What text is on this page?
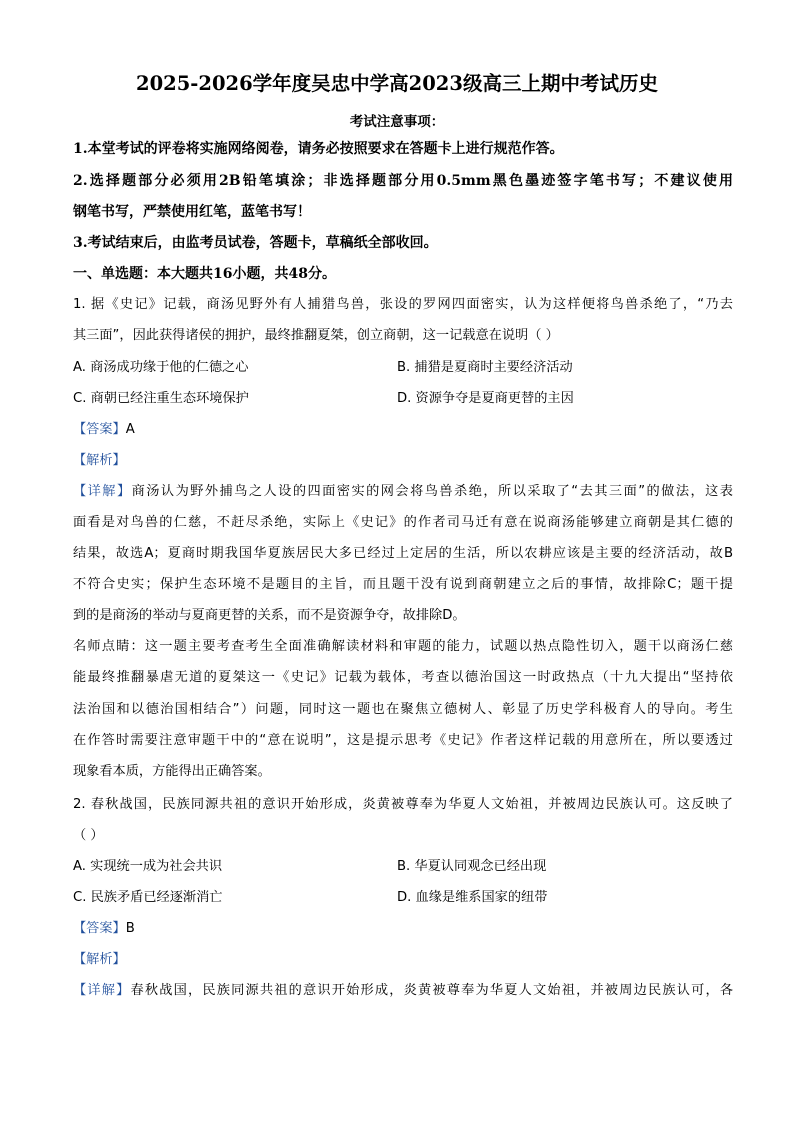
2025-2026学年度吴忠中学高2023级高三上期中考试历史
考试注意事项：
1.本堂考试的评卷将实施网络阅卷，请务必按照要求在答题卡上进行规范作答。
2.选择题部分必须用2B铅笔填涂；非选择题部分用0.5mm黑色墨迹签字笔书写；不建议使用
钢笔书写，严禁使用红笔，蓝笔书写！
3.考试结束后，由监考员试卷，答题卡，草稿纸全部收回。
一、单选题：本大题共16小题，共48分。
1. 据《史记》记载，商汤见野外有人捕猎鸟兽，张设的罗网四面密实，认为这样便将鸟兽杀绝了，“乃去
其三面”，因此获得诸侯的拥护，最终推翻夏桀，创立商朝，这一记载意在说明（ ）
A. 商汤成功缘于他的仁德之心	B. 捕猎是夏商时主要经济活动
C. 商朝已经注重生态环境保护	D. 资源争夺是夏商更替的主因
【答案】A
【解析】
【详解】商汤认为野外捕鸟之人设的四面密实的网会将鸟兽杀绝，所以采取了“去其三面”的做法，这表
面看是对鸟兽的仁慈，不赶尽杀绝，实际上《史记》的作者司马迁有意在说商汤能够建立商朝是其仁德的
结果，故选A；夏商时期我国华夏族居民大多已经过上定居的生活，所以农耕应该是主要的经济活动，故B
不符合史实；保护生态环境不是题目的主旨，而且题干没有说到商朝建立之后的事情，故排除C；题干提
到的是商汤的举动与夏商更替的关系，而不是资源争夺，故排除D。
名师点睛：这一题主要考查考生全面准确解读材料和审题的能力，试题以热点隐性切入，题干以商汤仁慈
能最终推翻暴虐无道的夏桀这一《史记》记载为载体，考查以德治国这一时政热点（十九大提出“坚持依
法治国和以德治国相结合”）问题，同时这一题也在聚焦立德树人、彰显了历史学科极育人的导向。考生
在作答时需要注意审题干中的“意在说明”，这是提示思考《史记》作者这样记载的用意所在，所以要透过
现象看本质，方能得出正确答案。
2. 春秋战国，民族同源共祖的意识开始形成，炎黄被尊奉为华夏人文始祖，并被周边民族认可。这反映了
（ ）
A. 实现统一成为社会共识	B. 华夏认同观念已经出现
C. 民族矛盾已经逐渐消亡	D. 血缘是维系国家的纽带
【答案】B
【解析】
【详解】春秋战国，民族同源共祖的意识开始形成，炎黄被尊奉为华夏人文始祖，并被周边民族认可，各
